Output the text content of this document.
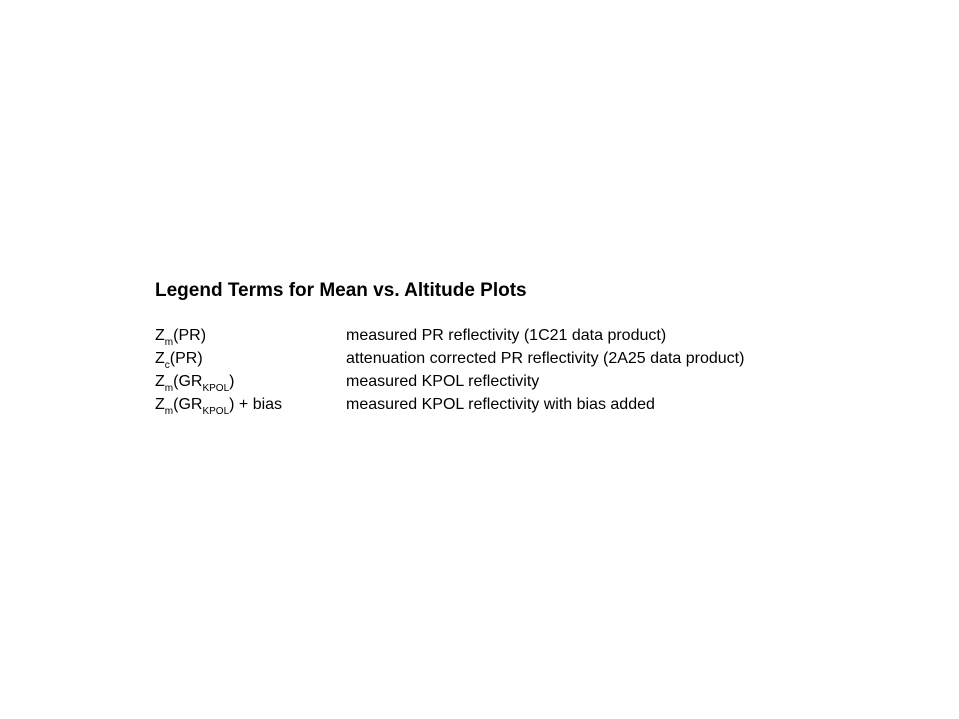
Legend Terms for Mean vs. Altitude Plots
$Z_m(PR)$	measured PR reflectivity (1C21 data product)
$Z_c(PR)$	attenuation corrected PR reflectivity (2A25 data product)
$Z_m(GR_{KPOL})$	measured KPOL reflectivity
$Z_m(GR_{KPOL})$ + bias	measured KPOL reflectivity with bias added
